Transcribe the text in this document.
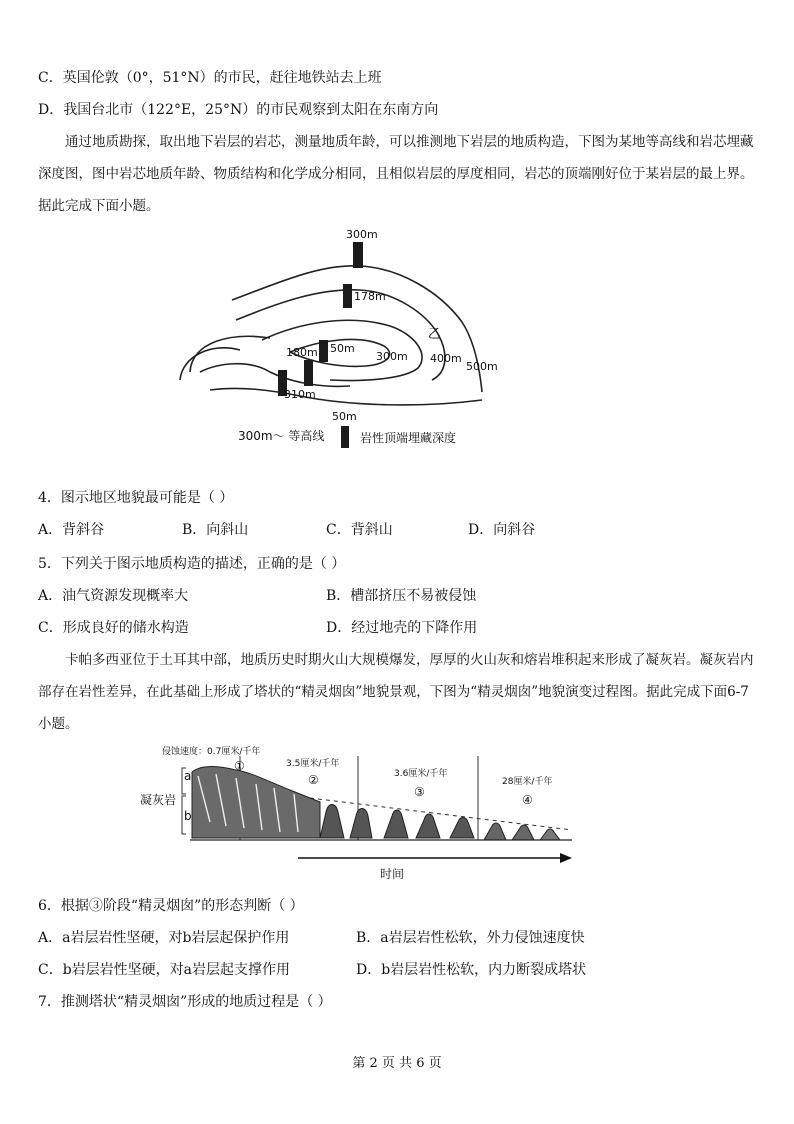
C．英国伦敦（0°，51°N）的市民，赶往地铁站去上班
D．我国台北市（122°E，25°N）的市民观察到太阳在东南方向
通过地质勘探，取出地下岩层的岩芯，测量地质年龄，可以推测地下岩层的地质构造，下图为某地等高线和岩芯埋藏深度图，图中岩芯地质年龄、物质结构和化学成分相同，且相似岩层的厚度相同，岩芯的顶端刚好位于某岩层的最上界。据此完成下面小题。
300m
178m
180m 50m
300m
乙
400m
500m
310m
50m
300m〜 等高线	岩性顶端埋藏深度
4．图示地区地貌最可能是（ ）
A．背斜谷	B．向斜山	C．背斜山	D．向斜谷
5．下列关于图示地质构造的描述，正确的是（ ）
A．油气资源发现概率大	B．槽部挤压不易被侵蚀
C．形成良好的储水构造	D．经过地壳的下降作用
卡帕多西亚位于土耳其中部，地质历史时期火山大规模爆发，厚厚的火山灰和熔岩堆积起来形成了凝灰岩。凝灰岩内部存在岩性差异，在此基础上形成了塔状的“精灵烟囱”地貌景观，下图为“精灵烟囱”地貌演变过程图。据此完成下面6-7小题。
侵蚀速度：0.7厘米/千年
3.5厘米/千年
3.6厘米/千年
28厘米/千年
①
②
③
④
a
b
凝灰岩
时间
6．根据③阶段“精灵烟囱”的形态判断（ ）
A．a岩层岩性坚硬，对b岩层起保护作用	B．a岩层岩性松软，外力侵蚀速度快
C．b岩层岩性坚硬，对a岩层起支撑作用	D．b岩层岩性松软，内力断裂成塔状
7．推测塔状“精灵烟囱”形成的地质过程是（ ）
第 2 页 共 6 页
